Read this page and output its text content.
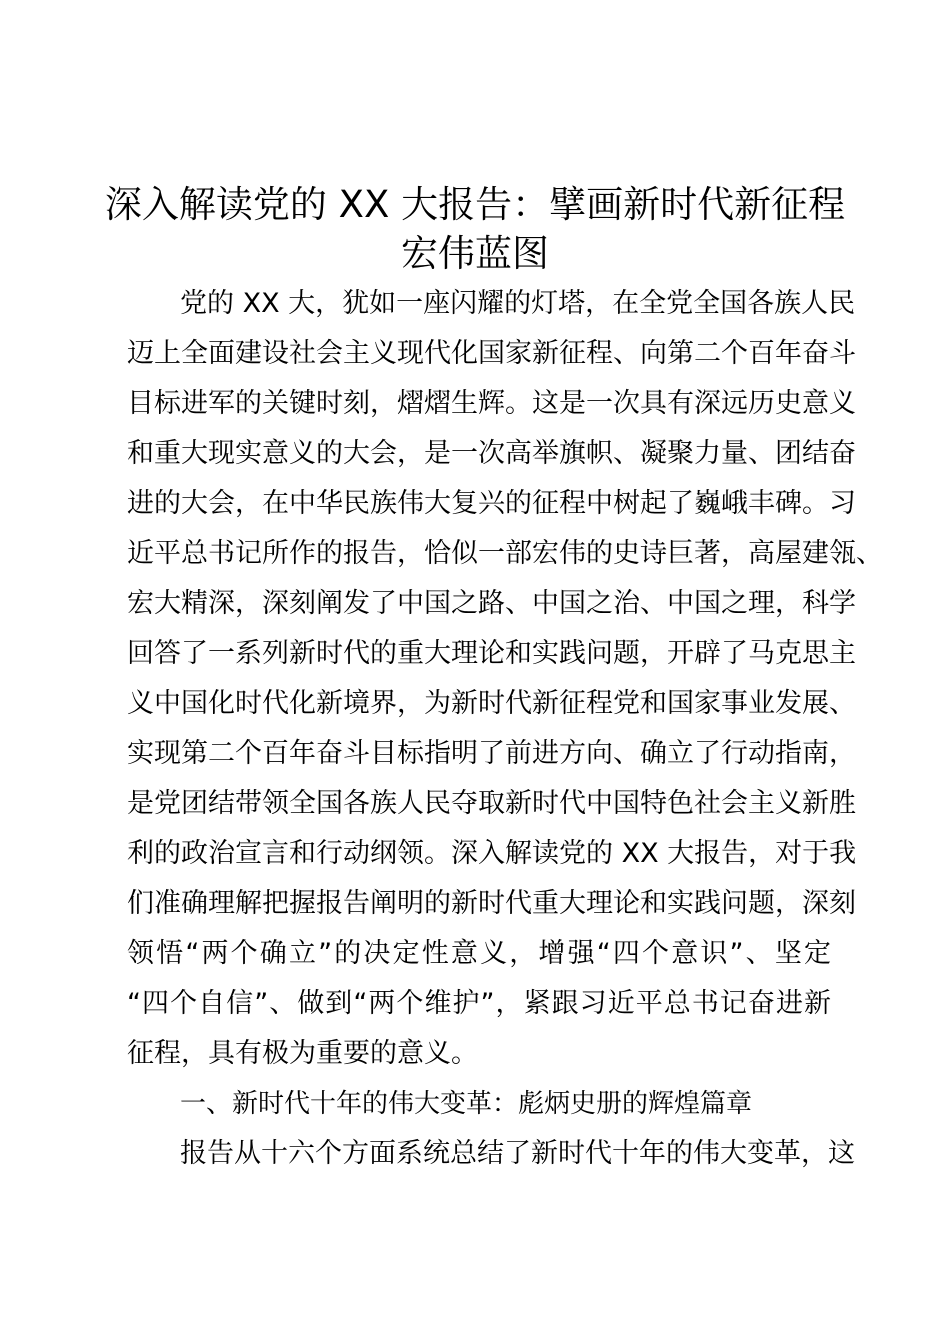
深入解读党的 XX 大报告：擘画新时代新征程
宏伟蓝图

党的 XX 大，犹如一座闪耀的灯塔，在全党全国各族人民

迈上全面建设社会主义现代化国家新征程、向第二个百年奋斗

目标进军的关键时刻，熠熠生辉。这是一次具有深远历史意义

和重大现实意义的大会，是一次高举旗帜、凝聚力量、团结奋

进的大会，在中华民族伟大复兴的征程中树起了巍峨丰碑。习

近平总书记所作的报告，恰似一部宏伟的史诗巨著，高屋建瓴、

宏大精深，深刻阐发了中国之路、中国之治、中国之理，科学

回答了一系列新时代的重大理论和实践问题，开辟了马克思主

义中国化时代化新境界，为新时代新征程党和国家事业发展、

实现第二个百年奋斗目标指明了前进方向、确立了行动指南，

是党团结带领全国各族人民夺取新时代中国特色社会主义新胜

利的政治宣言和行动纲领。深入解读党的 XX 大报告，对于我

们准确理解把握报告阐明的新时代重大理论和实践问题，深刻

领悟“两个确立”的决定性意义，增强“四个意识”、坚定

“四个自信”、做到“两个维护”，紧跟习近平总书记奋进新

征程，具有极为重要的意义。

一、新时代十年的伟大变革：彪炳史册的辉煌篇章

报告从十六个方面系统总结了新时代十年的伟大变革，这
